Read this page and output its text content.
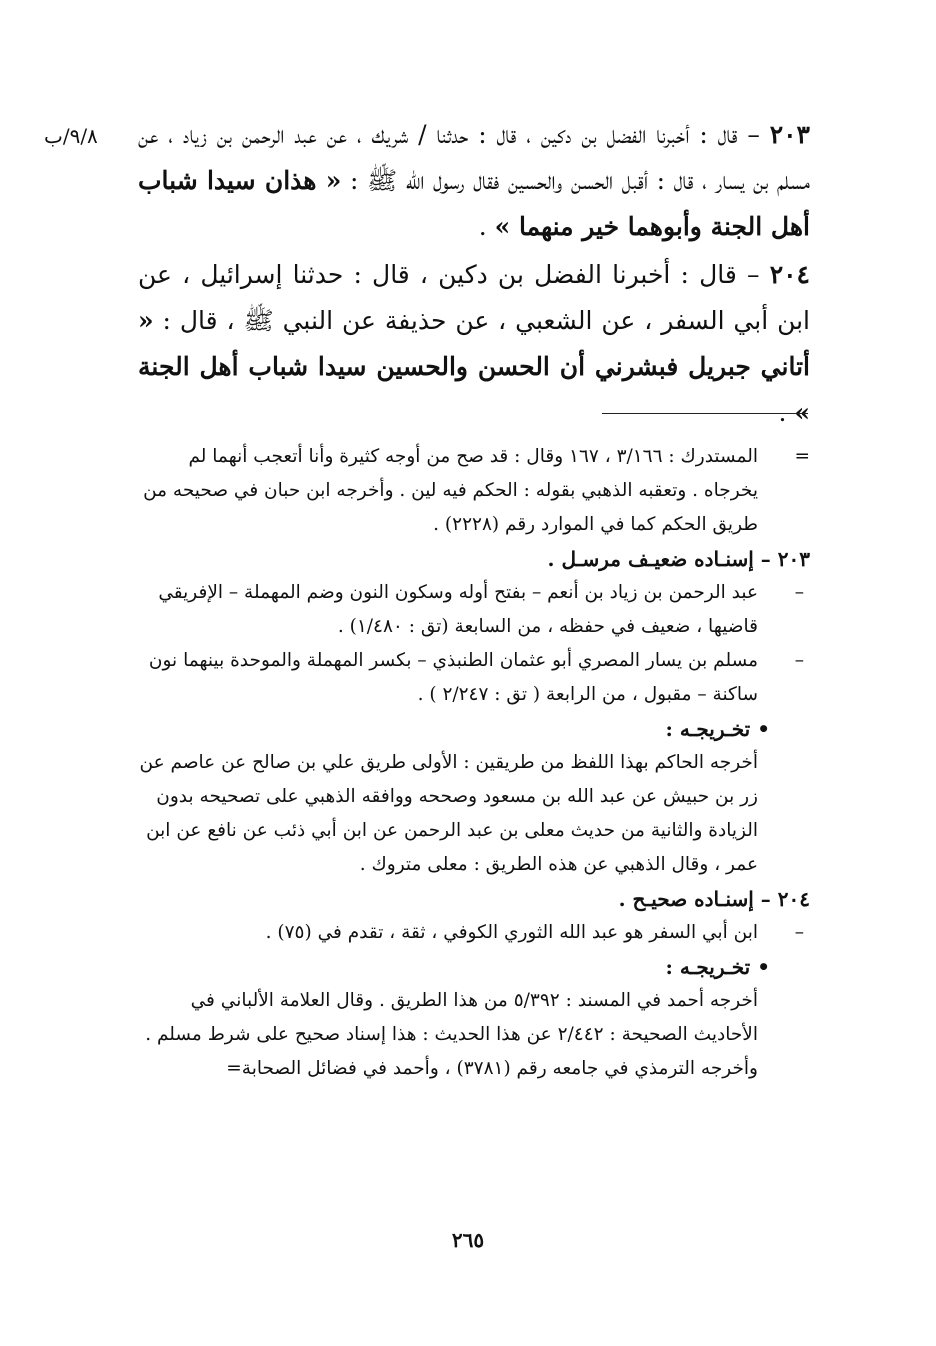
٩/٨/ب	٢٠٣ – قال : أخبرنا الفضل بن دكين ، قال : حدثنا / شريك ، عن عبد الرحمن بن زياد ، عن مسلم بن يسار ، قال : أقبل الحسن والحسين فقال رسول الله ﷺ : « هذان سيدا شباب أهل الجنة وأبوهما خير منهما » .

٢٠٤ – قال : أخبرنا الفضل بن دكين ، قال : حدثنا إسرائيل ، عن ابن أبي السفر ، عن الشعبي ، عن حذيفة عن النبي ﷺ ، قال : « أتاني جبريل فبشرني أن الحسن والحسين سيدا شباب أهل الجنة » .

=
المستدرك : ٣/١٦٦ ، ١٦٧ وقال : قد صح من أوجه كثيرة وأنا أتعجب أنهما لم يخرجاه . وتعقبه الذهبي بقوله : الحكم فيه لين . وأخرجه ابن حبان في صحيحه من طريق الحكم كما في الموارد رقم (٢٢٢٨) .

٢٠٣ – إسنـاده ضعيـف مرسـل .

–
عبد الرحمن بن زياد بن أنعم – بفتح أوله وسكون النون وضم المهملة – الإفريقي قاضيها ، ضعيف في حفظه ، من السابعة (تق : ١/٤٨٠) .

–
مسلم بن يسار المصري أبو عثمان الطنبذي – بكسر المهملة والموحدة بينهما نون ساكنة – مقبول ، من الرابعة ( تق : ٢/٢٤٧ ) .

• تخـريجـه :

أخرجه الحاكم بهذا اللفظ من طريقين : الأولى طريق علي بن صالح عن عاصم عن زر بن حبيش عن عبد الله بن مسعود وصححه ووافقه الذهبي على تصحيحه بدون الزيادة والثانية من حديث معلى بن عبد الرحمن عن ابن أبي ذئب عن نافع عن ابن عمر ، وقال الذهبي عن هذه الطريق : معلى متروك .

٢٠٤ – إسنـاده صحيـح .

–
ابن أبي السفر هو عبد الله الثوري الكوفي ، ثقة ، تقدم في (٧٥) .

• تخـريجـه :

أخرجه أحمد في المسند : ٥/٣٩٢ من هذا الطريق . وقال العلامة الألباني في الأحاديث الصحيحة : ٢/٤٤٢ عن هذا الحديث : هذا إسناد صحيح على شرط مسلم . وأخرجه الترمذي في جامعه رقم (٣٧٨١) ، وأحمد في فضائل الصحابة=

٢٦٥
